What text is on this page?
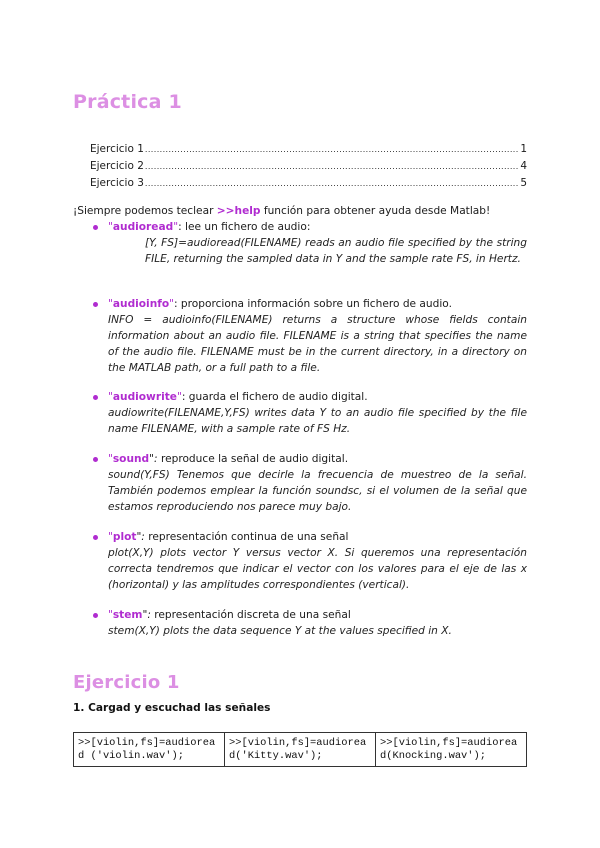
Práctica 1
Ejercicio 1 .....	1
Ejercicio 2 .....	4
Ejercicio 3 .....	5
¡Siempre podemos teclear >>help función para obtener ayuda desde Matlab!
"audioread": lee un fichero de audio:
[Y, FS]=audioread(FILENAME) reads an audio file specified by the string FILE, returning the sampled data in Y and the sample rate FS, in Hertz.
"audioinfo": proporciona información sobre un fichero de audio.
INFO = audioinfo(FILENAME) returns a structure whose fields contain information about an audio file. FILENAME is a string that specifies the name of the audio file. FILENAME must be in the current directory, in a directory on the MATLAB path, or a full path to a file.
"audiowrite": guarda el fichero de audio digital.
audiowrite(FILENAME,Y,FS) writes data Y to an audio file specified by the file name FILENAME, with a sample rate of FS Hz.
"sound": reproduce la señal de audio digital.
sound(Y,FS) Tenemos que decirle la frecuencia de muestreo de la señal. También podemos emplear la función soundsc, si el volumen de la señal que estamos reproduciendo nos parece muy bajo.
"plot": representación continua de una señal
plot(X,Y) plots vector Y versus vector X. Si queremos una representación correcta tendremos que indicar el vector con los valores para el eje de las x (horizontal) y las amplitudes correspondientes (vertical).
"stem": representación discreta de una señal
stem(X,Y) plots the data sequence Y at the values specified in X.
Ejercicio 1
1. Cargad y escuchad las señales
>>[violin,fs]=audioread ('violin.wav');	>>[violin,fs]=audioread('Kitty.wav');	>>[violin,fs]=audioread(Knocking.wav');
